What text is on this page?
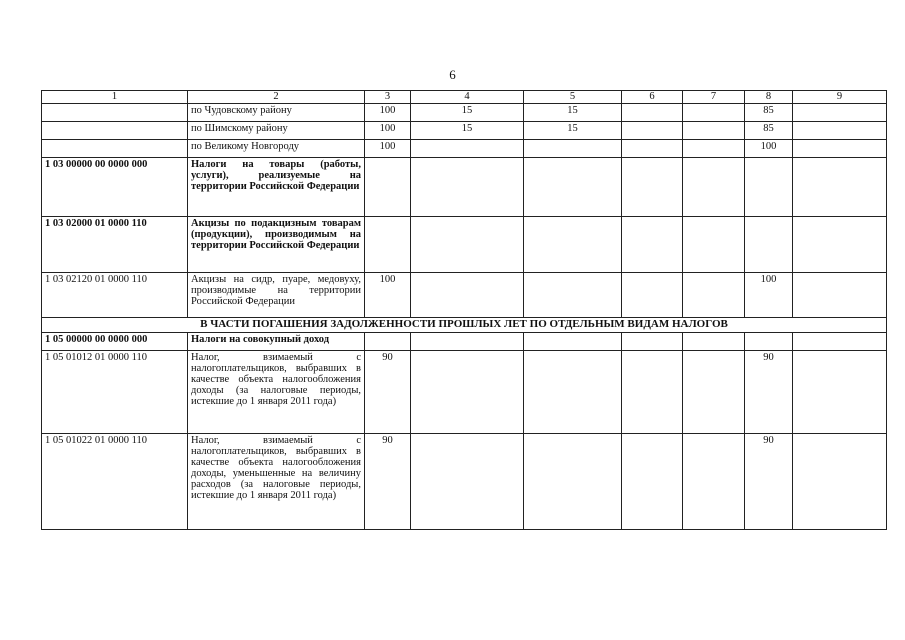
6
1	2	3	4	5	6	7	8	9
	по Чудовскому району	100	15	15			85	
	по Шимскому району	100	15	15			85	
	по Великому Новгороду	100					100	
1 03 00000 00 0000 000	Налоги на товары (работы, услуги), реализуемые на территории Российской Федерации							
1 03 02000 01 0000 110	Акцизы по подакцизным товарам (продукции), производимым на территории Российской Федерации							
1 03 02120 01 0000 110	Акцизы на сидр, пуаре, медовуху, производимые на территории Российской Федерации	100					100	
В ЧАСТИ ПОГАШЕНИЯ ЗАДОЛЖЕННОСТИ ПРОШЛЫХ ЛЕТ ПО ОТДЕЛЬНЫМ ВИДАМ НАЛОГОВ								
1 05 00000 00 0000 000	Налоги на совокупный доход							
1 05 01012 01 0000 110	Налог, взимаемый с налогоплательщиков, выбравших в качестве объекта налогообложения доходы (за налоговые периоды, истекшие до 1 января 2011 года)	90					90	
1 05 01022 01 0000 110	Налог, взимаемый с налогоплательщиков, выбравших в качестве объекта налогообложения доходы, уменьшенные на величину расходов (за налоговые периоды, истекшие до 1 января 2011 года)	90					90	
